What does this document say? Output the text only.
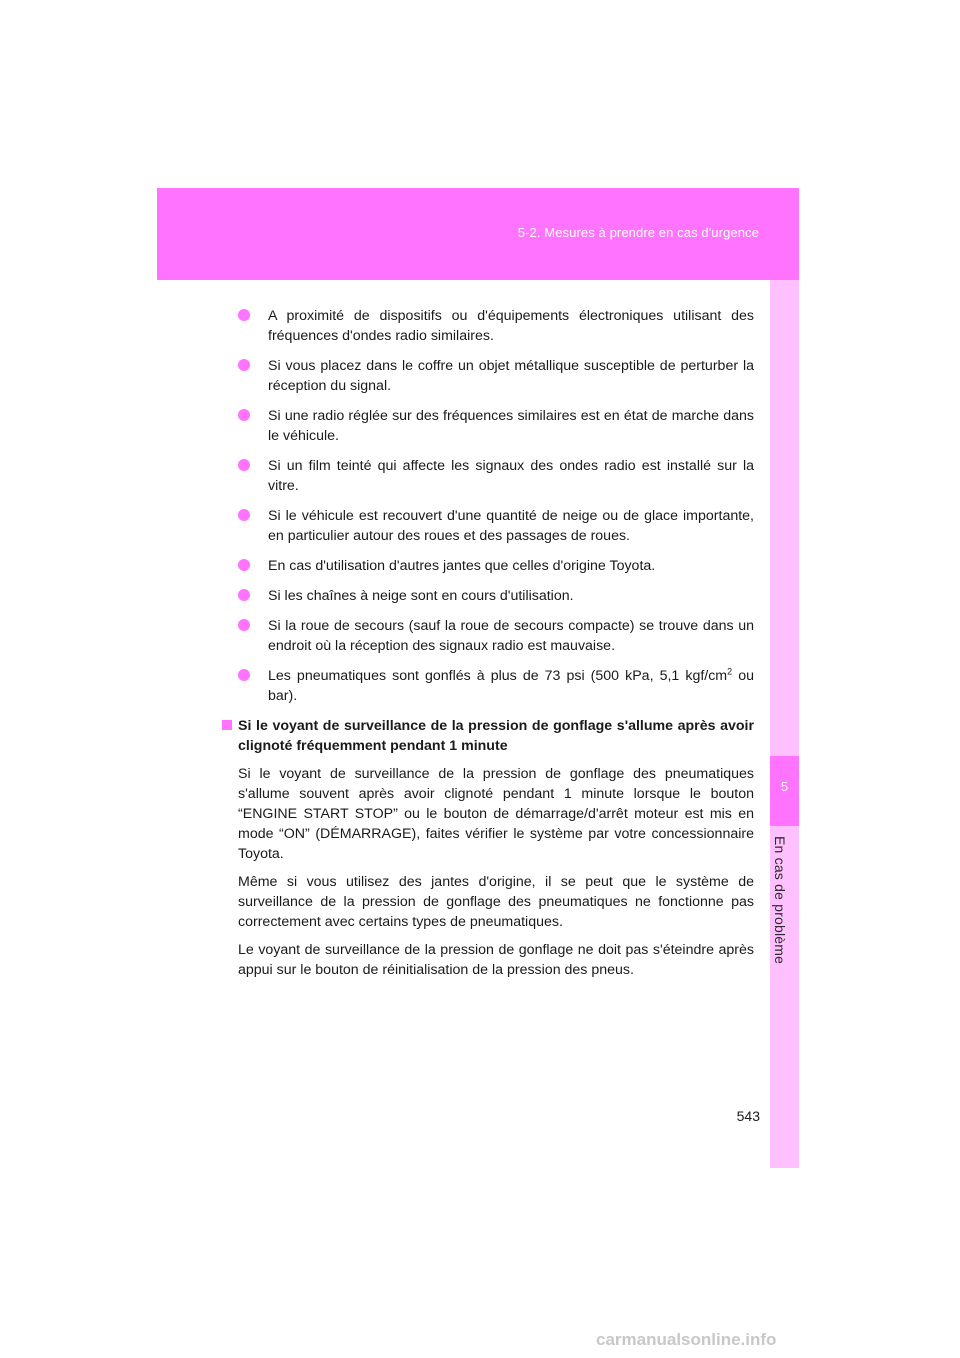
5-2. Mesures à prendre en cas d'urgence
5
En cas de problème
A proximité de dispositifs ou d'équipements électroniques utilisant des fréquences d'ondes radio similaires.
Si vous placez dans le coffre un objet métallique susceptible de perturber la réception du signal.
Si une radio réglée sur des fréquences similaires est en état de marche dans le véhicule.
Si un film teinté qui affecte les signaux des ondes radio est installé sur la vitre.
Si le véhicule est recouvert d'une quantité de neige ou de glace importante, en particulier autour des roues et des passages de roues.
En cas d'utilisation d'autres jantes que celles d'origine Toyota.
Si les chaînes à neige sont en cours d'utilisation.
Si la roue de secours (sauf la roue de secours compacte) se trouve dans un endroit où la réception des signaux radio est mauvaise.
Les pneumatiques sont gonflés à plus de 73 psi (500 kPa, 5,1 kgf/$cm^2$ ou bar).
Si le voyant de surveillance de la pression de gonflage s'allume après avoir clignoté fréquemment pendant 1 minute
Si le voyant de surveillance de la pression de gonflage des pneumatiques s'allume souvent après avoir clignoté pendant 1 minute lorsque le bouton “ENGINE START STOP” ou le bouton de démarrage/d'arrêt moteur est mis en mode “ON” (DÉMARRAGE), faites vérifier le système par votre concessionnaire Toyota.
Même si vous utilisez des jantes d'origine, il se peut que le système de surveillance de la pression de gonflage des pneumatiques ne fonctionne pas correctement avec certains types de pneumatiques.
Le voyant de surveillance de la pression de gonflage ne doit pas s'éteindre après appui sur le bouton de réinitialisation de la pression des pneus.
543
carmanualsonline.info
